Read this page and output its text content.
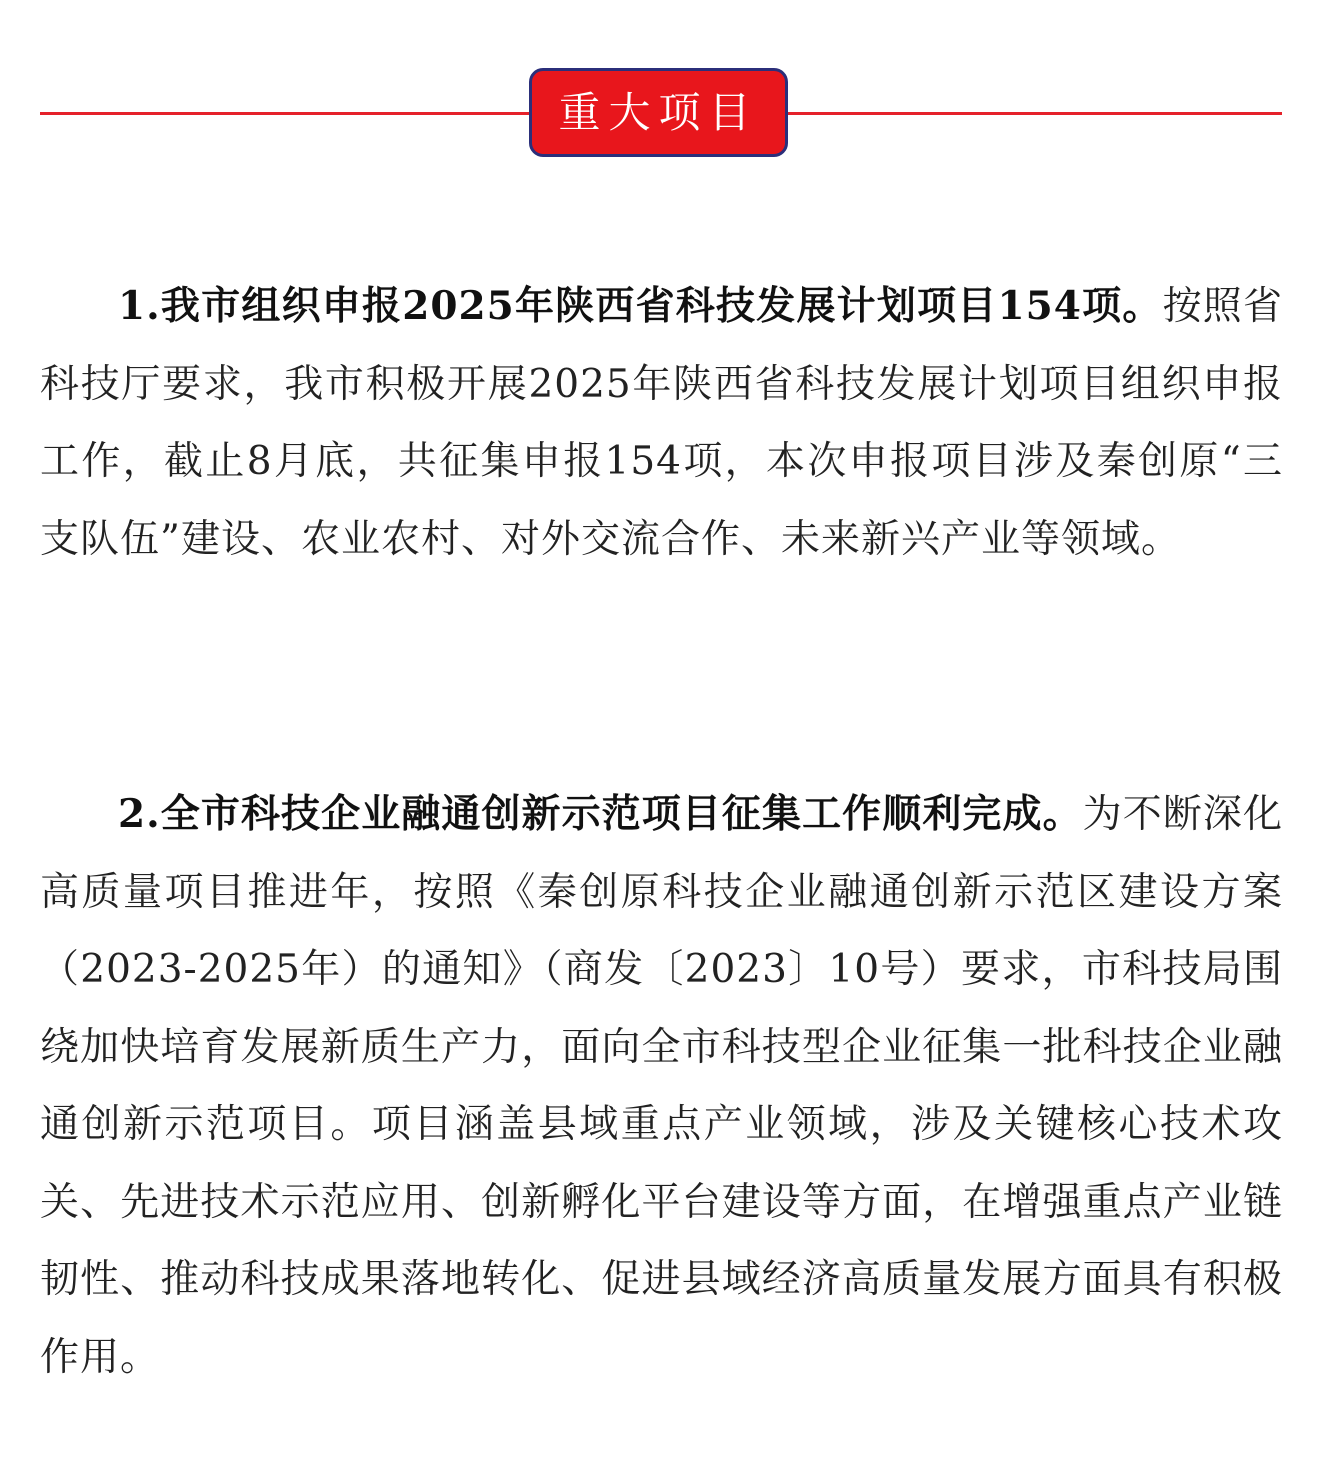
重大项目

1.我市组织申报2025年陕西省科技发展计划项目154项。按照省科技厅要求，我市积极开展2025年陕西省科技发展计划项目组织申报工作，截止8月底，共征集申报154项，本次申报项目涉及秦创原“三支队伍”建设、农业农村、对外交流合作、未来新兴产业等领域。

2.全市科技企业融通创新示范项目征集工作顺利完成。为不断深化高质量项目推进年，按照《秦创原科技企业融通创新示范区建设方案（2023-2025年）的通知》（商发〔2023〕10号）要求，市科技局围绕加快培育发展新质生产力，面向全市科技型企业征集一批科技企业融通创新示范项目。项目涵盖县域重点产业领域，涉及关键核心技术攻关、先进技术示范应用、创新孵化平台建设等方面，在增强重点产业链韧性、推动科技成果落地转化、促进县域经济高质量发展方面具有积极作用。
